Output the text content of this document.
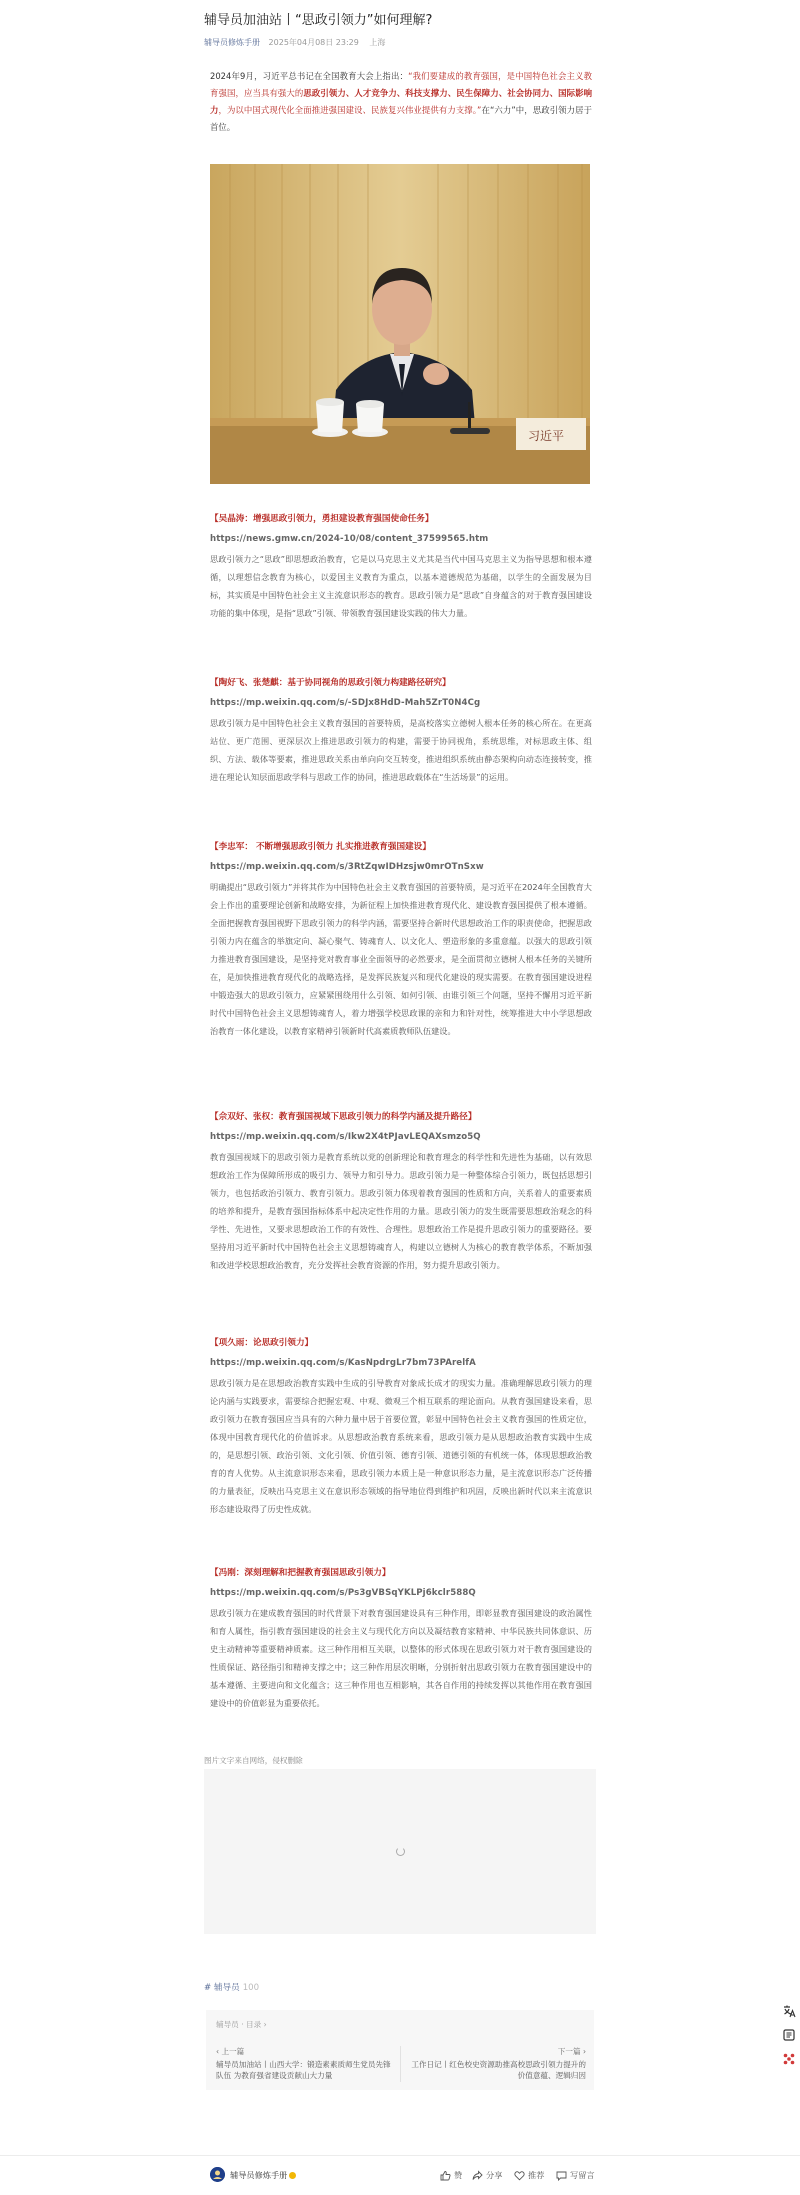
辅导员加油站丨“思政引领力”如何理解?
辅导员修炼手册 2025年04月08日 23:29 上海
2024年9月，习近平总书记在全国教育大会上指出：“我们要建成的教育强国，是中国特色社会主义教育强国，应当具有强大的思政引领力、人才竞争力、科技支撑力、民生保障力、社会协同力、国际影响力，为以中国式现代化全面推进强国建设、民族复兴伟业提供有力支撑。”在“六力”中，思政引领力居于首位。
习近平
【吴晶涛：增强思政引领力，勇担建设教育强国使命任务】
https://news.gmw.cn/2024-10/08/content_37599565.htm
思政引领力之“思政”即思想政治教育，它是以马克思主义尤其是当代中国马克思主义为指导思想和根本遵循，以理想信念教育为核心，以爱国主义教育为重点，以基本道德规范为基础，以学生的全面发展为目标，其实质是中国特色社会主义主流意识形态的教育。思政引领力是“思政”自身蕴含的对于教育强国建设功能的集中体现，是指“思政”引领、带领教育强国建设实践的伟大力量。
【陶好飞、张楚麒：基于协同视角的思政引领力构建路径研究】
https://mp.weixin.qq.com/s/-SDJx8HdD-Mah5ZrT0N4Cg
思政引领力是中国特色社会主义教育强国的首要特质，是高校落实立德树人根本任务的核心所在。在更高站位、更广范围、更深层次上推进思政引领力的构建，需要于协同视角，系统思维，对标思政主体、组织、方法、载体等要素，推进思政关系由单向向交互转变，推进组织系统由静态架构向动态连接转变，推进在理论认知层面思政学科与思政工作的协同，推进思政载体在“生活场景”的运用。
【李忠军： 不断增强思政引领力 扎实推进教育强国建设】
https://mp.weixin.qq.com/s/3RtZqwIDHzsjw0mrOTnSxw
明确提出“思政引领力”并将其作为中国特色社会主义教育强国的首要特质，是习近平在2024年全国教育大会上作出的重要理论创新和战略安排，为新征程上加快推进教育现代化、建设教育强国提供了根本遵循。全面把握教育强国视野下思政引领力的科学内涵，需要坚持合新时代思想政治工作的职责使命，把握思政引领力内在蕴含的举旗定向、凝心聚气、铸魂育人、以文化人、塑造形象的多重意蕴。以强大的思政引领力推进教育强国建设，是坚持党对教育事业全面领导的必然要求，是全面贯彻立德树人根本任务的关键所在，是加快推进教育现代化的战略选择，是发挥民族复兴和现代化建设的现实需要。在教育强国建设进程中锻造强大的思政引领力，应紧紧围绕用什么引领、如何引领、由谁引领三个问题，坚持不懈用习近平新时代中国特色社会主义思想铸魂育人，着力增强学校思政课的亲和力和针对性，统筹推进大中小学思想政治教育一体化建设，以教育家精神引领新时代高素质教师队伍建设。
【佘双好、张权：教育强国视域下思政引领力的科学内涵及提升路径】
https://mp.weixin.qq.com/s/Ikw2X4tPJavLEQAXsmzo5Q
教育强国视域下的思政引领力是教育系统以党的创新理论和教育理念的科学性和先进性为基础，以有效思想政治工作为保障所形成的吸引力、领导力和引导力。思政引领力是一种整体综合引领力，既包括思想引领力，也包括政治引领力、教育引领力。思政引领力体现着教育强国的性质和方向，关系着人的重要素质的培养和提升，是教育强国指标体系中起决定性作用的力量。思政引领力的发生既需要思想政治观念的科学性、先进性，又要求思想政治工作的有效性、合理性。思想政治工作是提升思政引领力的重要路径。要坚持用习近平新时代中国特色社会主义思想铸魂育人，构建以立德树人为核心的教育教学体系，不断加强和改进学校思想政治教育，充分发挥社会教育资源的作用，努力提升思政引领力。
【项久雨：论思政引领力】
https://mp.weixin.qq.com/s/KasNpdrgLr7bm73PArelfA
思政引领力是在思想政治教育实践中生成的引导教育对象成长成才的现实力量。准确理解思政引领力的理论内涵与实践要求，需要综合把握宏观、中观、微观三个相互联系的理论面向。从教育强国建设来看，思政引领力在教育强国应当具有的六种力量中居于首要位置，彰显中国特色社会主义教育强国的性质定位，体现中国教育现代化的价值诉求。从思想政治教育系统来看，思政引领力是从思想政治教育实践中生成的，是思想引领、政治引领、文化引领、价值引领、德育引领、道德引领的有机统一体，体现思想政治教育的育人优势。从主流意识形态来看，思政引领力本质上是一种意识形态力量，是主流意识形态广泛传播的力量表征，反映出马克思主义在意识形态领域的指导地位得到维护和巩固，反映出新时代以来主流意识形态建设取得了历史性成就。
【冯刚：深刻理解和把握教育强国思政引领力】
https://mp.weixin.qq.com/s/Ps3gVBSqYKLPj6kclr588Q
思政引领力在建成教育强国的时代背景下对教育强国建设具有三种作用，即彰显教育强国建设的政治属性和育人属性，指引教育强国建设的社会主义与现代化方向以及凝结教育家精神、中华民族共同体意识、历史主动精神等重要精神质素。这三种作用相互关联，以整体的形式体现在思政引领力对于教育强国建设的性质保证、路径指引和精神支撑之中；这三种作用层次明晰，分别折射出思政引领力在教育强国建设中的基本遵循、主要进向和文化蕴含；这三种作用也互相影响，其各自作用的持续发挥以其他作用在教育强国建设中的价值彰显为重要依托。
图片文字来自网络，侵权删除
# 辅导员 100
辅导员 · 目录 ›
‹ 上一篇
辅导员加油站丨山西大学：锻造素素质师生党员先锋队伍 为教育强省建设贡献山大力量
下一篇 ›
工作日记丨红色校史资源助推高校思政引领力提升的价值意蕴、逻辑归因
辅导员修炼手册	赞	分享	推荐	写留言
